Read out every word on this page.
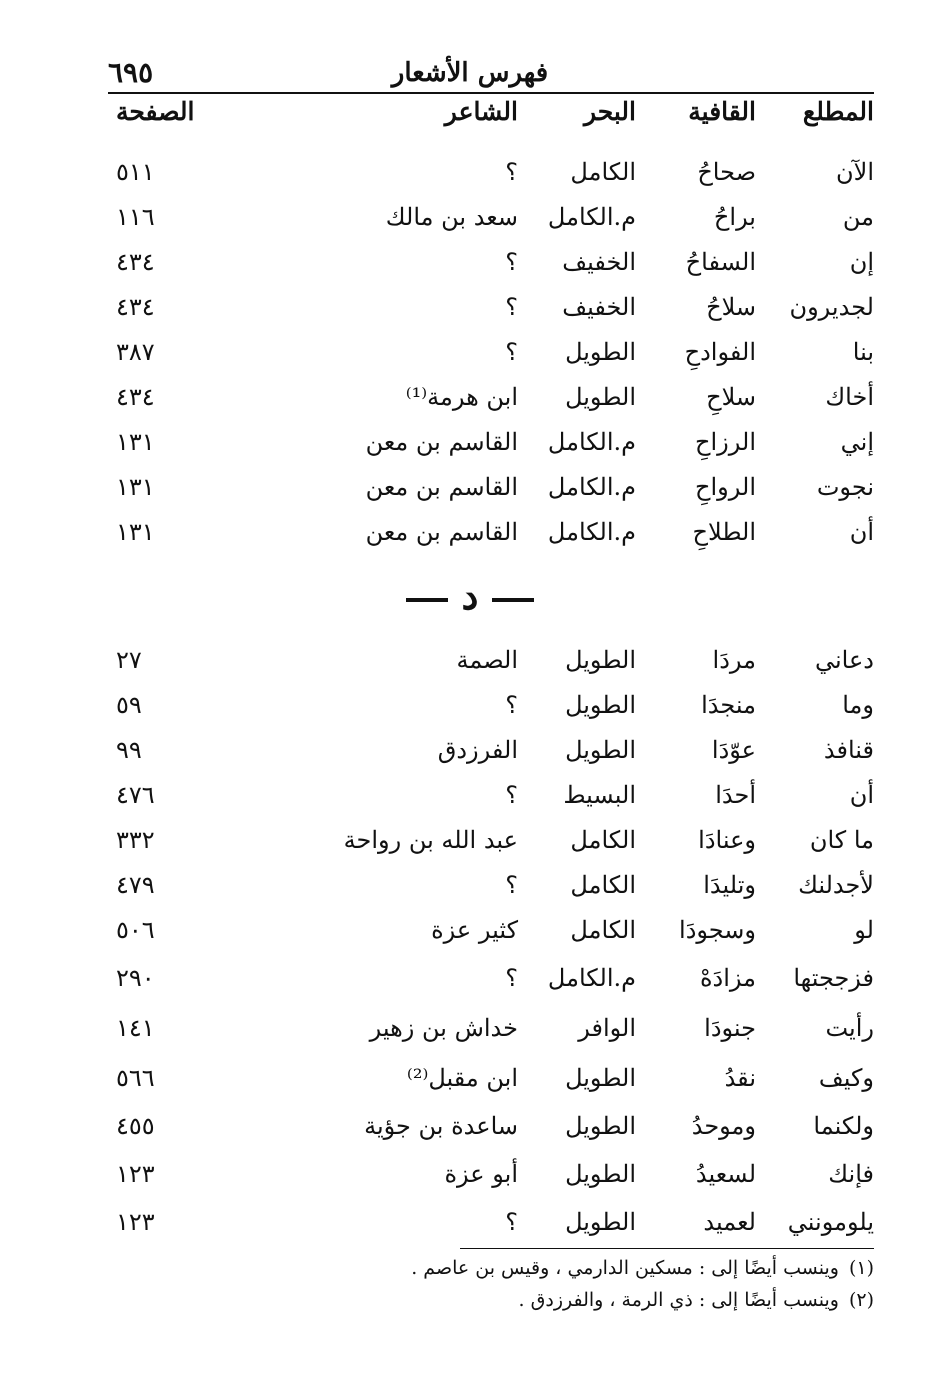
فهرس الأشعار
٦٩٥
المطلع
القافية
البحر
الشاعر
الصفحة
الآن
صحاحُ
الكامل
؟
٥١١
من
براحُ
م.الكامل
سعد بن مالك
١١٦
إن
السفاحُ
الخفيف
؟
٤٣٤
لجديرون
سلاحُ
الخفيف
؟
٤٣٤
بنا
الفوادحِ
الطويل
؟
٣٨٧
أخاك
سلاحِ
الطويل
ابن هرمة⁽¹⁾
٤٣٤
إني
الرزاحِ
م.الكامل
القاسم بن معن
١٣١
نجوت
الرواحِ
م.الكامل
القاسم بن معن
١٣١
أن
الطلاحِ
م.الكامل
القاسم بن معن
١٣١
د
دعاني
مردَا
الطويل
الصمة
٢٧
وما
منجدَا
الطويل
؟
٥٩
قنافذ
عوّدَا
الطويل
الفرزدق
٩٩
أن
أحدَا
البسيط
؟
٤٧٦
ما كان
وعنادَا
الكامل
عبد الله بن رواحة
٣٣٢
لأجدلنك
وتليدَا
الكامل
؟
٤٧٩
لو
وسجودَا
الكامل
كثير عزة
٥٠٦
فزججتها
مزادَهْ
م.الكامل
؟
٢٩٠
رأيت
جنودَا
الوافر
خداش بن زهير
١٤١
وكيف
نقدُ
الطويل
ابن مقبل⁽²⁾
٥٦٦
ولكنما
وموحدُ
الطويل
ساعدة بن جؤية
٤٥٥
فإنك
لسعيدُ
الطويل
أبو عزة
١٢٣
يلومونني
لعميد
الطويل
؟
١٢٣
(١)وينسب أيضًا إلى : مسكين الدارمي ، وقيس بن عاصم .
(٢)وينسب أيضًا إلى : ذي الرمة ، والفرزدق .
